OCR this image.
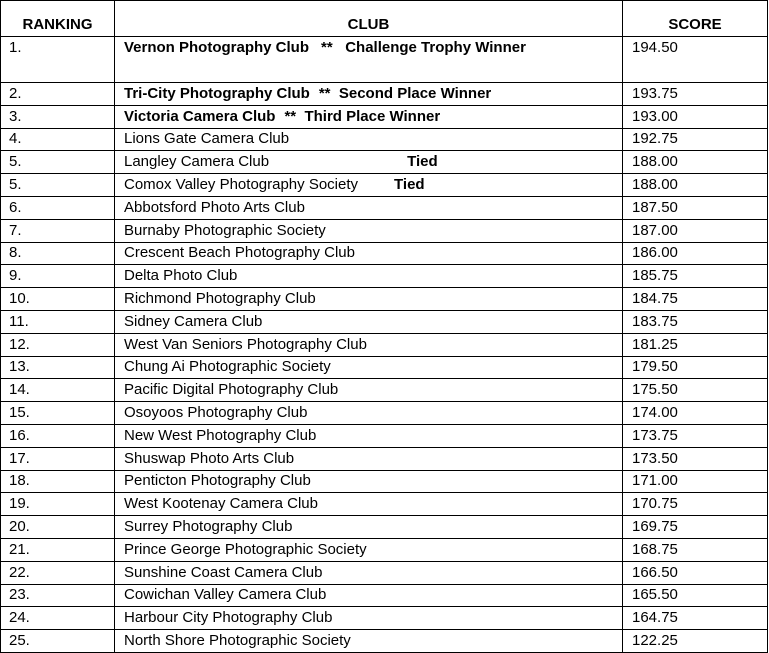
RANKING	CLUB	SCORE
1.	Vernon Photography Club **   Challenge Trophy Winner	194.50
2.	Tri-City Photography Club **  Second Place Winner	193.75
3.	Victoria Camera Club **  Third Place Winner	193.00
4.	Lions Gate Camera Club	192.75
5.	Langley Camera Club Tied	188.00
5.	Comox Valley Photography Society Tied	188.00
6.	Abbotsford Photo Arts Club	187.50
7.	Burnaby Photographic Society	187.00
8.	Crescent Beach Photography Club	186.00
9.	Delta Photo Club	185.75
10.	Richmond Photography Club	184.75
11.	Sidney Camera Club	183.75
12.	West Van Seniors Photography Club	181.25
13.	Chung Ai Photographic Society	179.50
14.	Pacific Digital Photography Club	175.50
15.	Osoyoos Photography Club	174.00
16.	New West Photography Club	173.75
17.	Shuswap Photo Arts Club	173.50
18.	Penticton Photography Club	171.00
19.	West Kootenay Camera Club	170.75
20.	Surrey Photography Club	169.75
21.	Prince George Photographic Society	168.75
22.	Sunshine Coast Camera Club	166.50
23.	Cowichan Valley Camera Club	165.50
24.	Harbour City Photography Club	164.75
25.	North Shore Photographic Society	122.25
